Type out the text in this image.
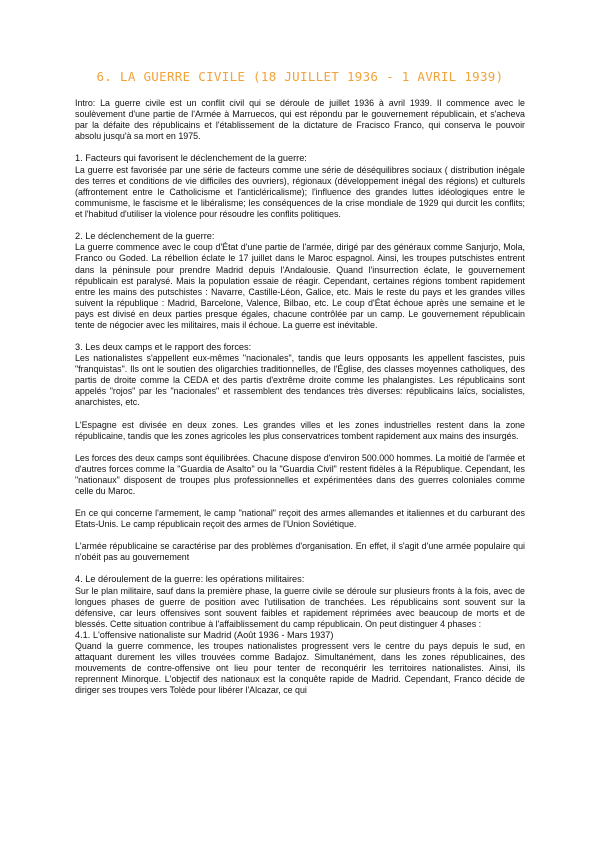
6. LA GUERRE CIVILE (18 JUILLET 1936 - 1 AVRIL 1939)

Intro: La guerre civile est un conflit civil qui se déroule de juillet 1936 à avril 1939. Il commence avec le soulèvement d'une partie de l'Armée à Marruecos, qui est répondu par le gouvernement républicain, et s'acheva par la défaite des républicains et l'établissement de la dictature de Fracisco Franco, qui conserva le pouvoir absolu jusqu'à sa mort en 1975.

1. Facteurs qui favorisent le déclenchement de la guerre:

La guerre est favorisée par une série de facteurs comme une série de déséquilibres sociaux ( distribution inégale des terres et conditions de vie difficiles des ouvriers), régionaux (développement inégal des régions) et culturels (affrontement entre le Catholicisme et l'anticléricalisme); l'influence des grandes luttes idéologiques entre le communisme, le fascisme et le libéralisme; les conséquences de la crise mondiale de 1929 qui durcit les conflits; et l'habitud d'utiliser la violence pour résoudre les conflits politiques.

2. Le déclenchement de la guerre:

La guerre commence avec le coup d'État d'une partie de l'armée, dirigé par des généraux comme Sanjurjo, Mola, Franco ou Goded. La rébellion éclate le 17 juillet dans le Maroc espagnol. Ainsi, les troupes putschistes entrent dans la péninsule pour prendre Madrid depuis l'Andalousie. Quand l'insurrection éclate, le gouvernement républicain est paralysé. Mais la population essaie de réagir. Cependant, certaines régions tombent rapidement entre les mains des putschistes : Navarre, Castille-Léon, Galice, etc. Mais le reste du pays et les grandes villes suivent la république : Madrid, Barcelone, Valence, Bilbao, etc. Le coup d'État échoue après une semaine et le pays est divisé en deux parties presque égales, chacune contrôlée par un camp. Le gouvernement républicain tente de négocier avec les militaires, mais il échoue. La guerre est inévitable.

3. Les deux camps et le rapport des forces:

Les nationalistes s'appellent eux-mêmes "nacionales", tandis que leurs opposants les appellent fascistes, puis "franquistas". Ils ont le soutien des oligarchies traditionnelles, de l'Église, des classes moyennes catholiques, des partis de droite comme la CEDA et des partis d'extrême droite comme les phalangistes. Les républicains sont appelés "rojos" par les "nacionales" et rassemblent des tendances très diverses: républicains laïcs, socialistes, anarchistes, etc.

L'Espagne est divisée en deux zones. Les grandes villes et les zones industrielles restent dans la zone républicaine, tandis que les zones agricoles les plus conservatrices tombent rapidement aux mains des insurgés.

Les forces des deux camps sont équilibrées. Chacune dispose d'environ 500.000 hommes. La moitié de l'armée et d'autres forces comme la "Guardia de Asalto" ou la "Guardia Civil" restent fidèles à la République. Cependant, les "nationaux" disposent de troupes plus professionnelles et expérimentées dans des guerres coloniales comme celle du Maroc.

En ce qui concerne l'armement, le camp "national" reçoit des armes allemandes et italiennes et du carburant des Etats-Unis. Le camp républicain reçoit des armes de l'Union Soviétique.

L'armée républicaine se caractérise par des problèmes d'organisation. En effet, il s'agit d'une armée populaire qui n'obéit pas au gouvernement

4. Le déroulement de la guerre: les opérations militaires:

Sur le plan militaire, sauf dans la première phase, la guerre civile se déroule sur plusieurs fronts à la fois, avec de longues phases de guerre de position avec l'utilisation de tranchées. Les républicains sont souvent sur la défensive, car leurs offensives sont souvent faibles et rapidement réprimées avec beaucoup de morts et de blessés. Cette situation contribue à l'affaiblissement du camp républicain. On peut distinguer 4 phases :

4.1. L'offensive nationaliste sur Madrid (Août 1936 - Mars 1937)

Quand la guerre commence, les troupes nationalistes progressent vers le centre du pays depuis le sud, en attaquant durement les villes trouvées comme Badajoz. Simultanément, dans les zones républicaines, des mouvements de contre-offensive ont lieu pour tenter de reconquérir les territoires nationalistes. Ainsi, ils reprennent Minorque. L'objectif des nationaux est la conquête rapide de Madrid. Cependant, Franco décide de diriger ses troupes vers Tolède pour libérer l'Alcazar, ce qui
